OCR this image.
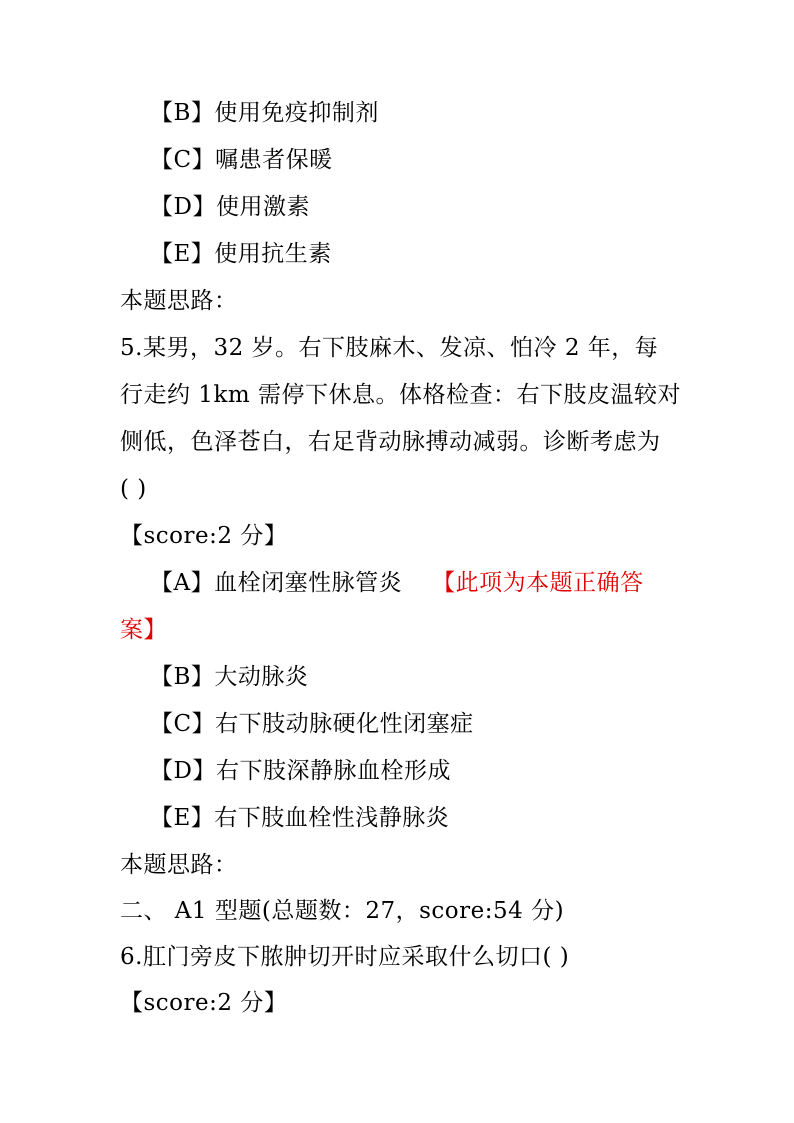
【B】使用免疫抑制剂
【C】嘱患者保暖
【D】使用激素
【E】使用抗生素
本题思路：
5.某男，32 岁。右下肢麻木、发凉、怕冷 2 年，每
行走约 1km 需停下休息。体格检查：右下肢皮温较对
侧低，色泽苍白，右足背动脉搏动减弱。诊断考虑为
( )
【score:2 分】
【A】血栓闭塞性脉管炎 【此项为本题正确答
案】
【B】大动脉炎
【C】右下肢动脉硬化性闭塞症
【D】右下肢深静脉血栓形成
【E】右下肢血栓性浅静脉炎
本题思路：
二、 A1 型题(总题数：27，score:54 分)
6.肛门旁皮下脓肿切开时应采取什么切口( )
【score:2 分】
